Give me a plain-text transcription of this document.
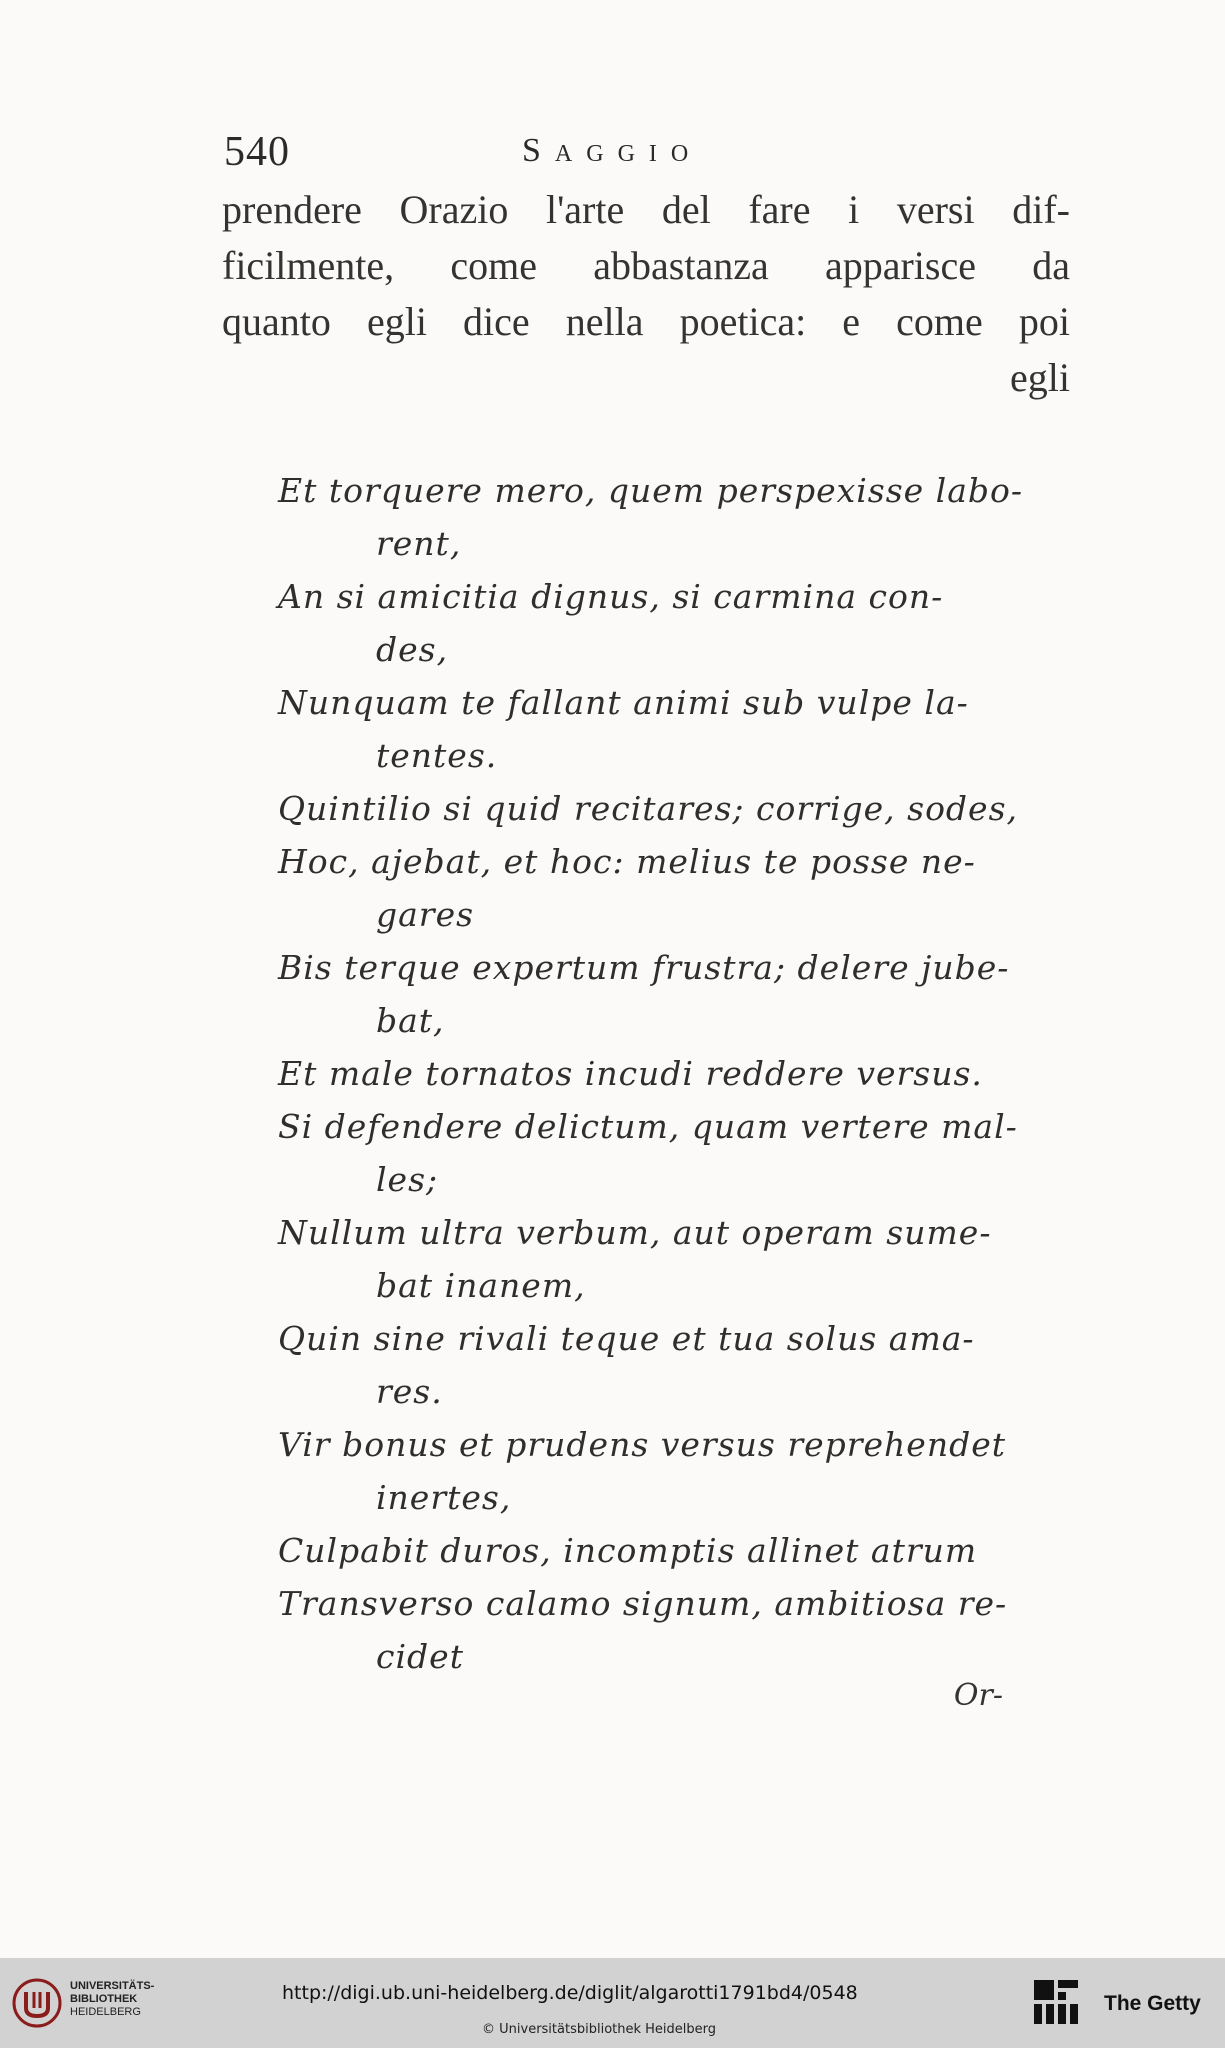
540	Saggio
prendere Orazio l'arte del fare i versi dif-
ficilmente, come abbastanza apparisce da
quanto egli dice nella poetica: e come poi
egli
Et torquere mero, quem perspexisse labo-
rent,
An si amicitia dignus, si carmina con-
des,
Nunquam te fallant animi sub vulpe la-
tentes.
Quintilio si quid recitares; corrige, sodes,
Hoc, ajebat, et hoc: melius te posse ne-
gares
Bis terque expertum frustra; delere jube-
bat,
Et male tornatos incudi reddere versus.
Si defendere delictum, quam vertere mal-
les;
Nullum ultra verbum, aut operam sume-
bat inanem,
Quin sine rivali teque et tua solus ama-
res.
Vir bonus et prudens versus reprehendet
inertes,
Culpabit duros, incomptis allinet atrum
Transverso calamo signum, ambitiosa re-
cidet
Or-
UNIVERSITÄTS-
BIBLIOTHEK
HEIDELBERG
http://digi.ub.uni-heidelberg.de/diglit/algarotti1791bd4/0548
© Universitätsbibliothek Heidelberg
The Getty
